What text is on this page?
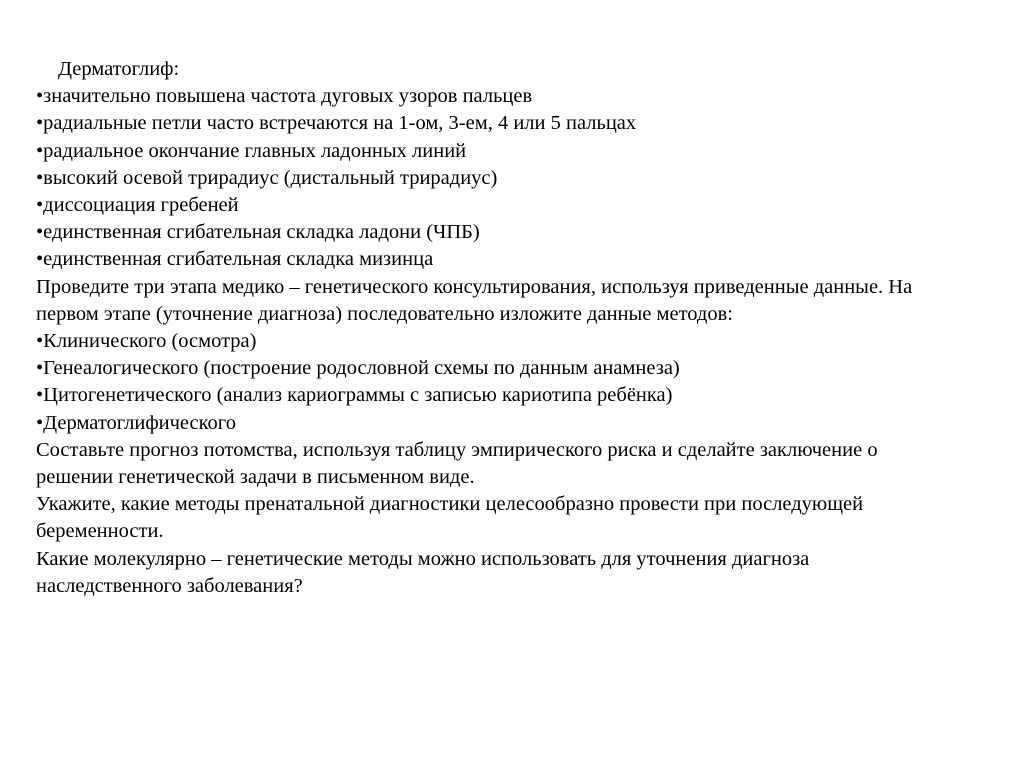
Дерматоглиф:
•значительно повышена частота дуговых узоров пальцев
•радиальные петли часто встречаются на 1-ом, 3-ем, 4 или 5 пальцах
•радиальное окончание главных ладонных линий
•высокий осевой трирадиус (дистальный трирадиус)
•диссоциация гребеней
•единственная сгибательная складка ладони (ЧПБ)
•единственная сгибательная складка мизинца
Проведите три этапа медико – генетического консультирования, используя приведенные данные. На
первом этапе (уточнение диагноза) последовательно изложите данные методов:
•Клинического (осмотра)
•Генеалогического (построение родословной схемы по данным анамнеза)
•Цитогенетического (анализ кариограммы с записью кариотипа ребёнка)
•Дерматоглифического
Составьте прогноз потомства, используя таблицу эмпирического риска и сделайте заключение о
решении генетической задачи в письменном виде.
Укажите, какие методы пренатальной диагностики целесообразно провести при последующей
беременности.
Какие молекулярно – генетические методы можно использовать для уточнения диагноза
наследственного заболевания?
